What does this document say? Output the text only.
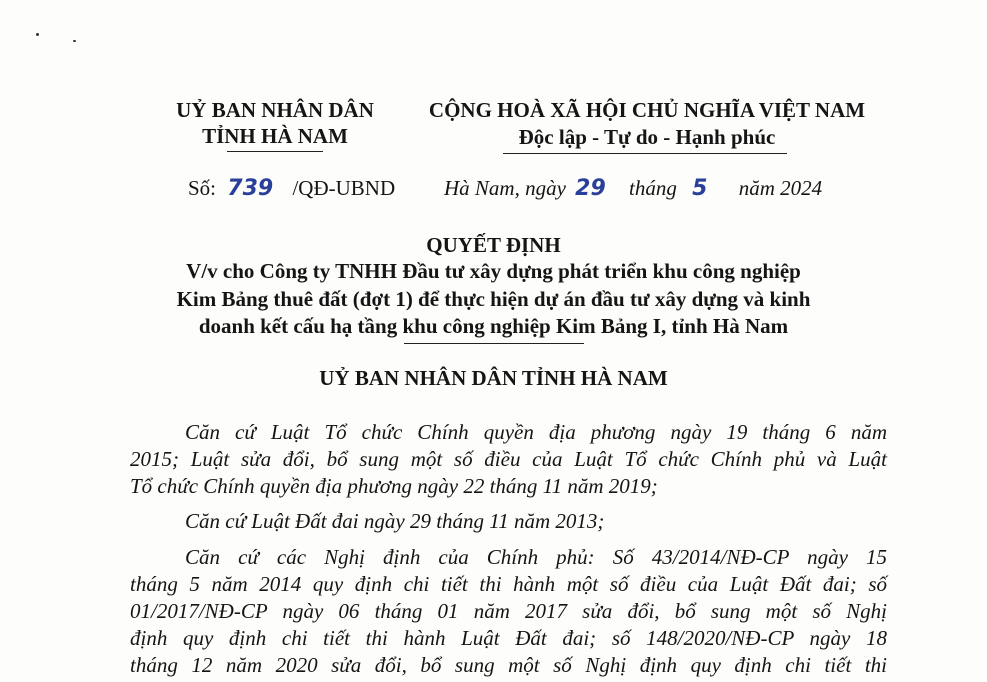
UỶ BAN NHÂN DÂN
TỈNH HÀ NAM
CỘNG HOÀ XÃ HỘI CHỦ NGHĨA VIỆT NAM
Độc lập - Tự do - Hạnh phúc
Số: 739 /QĐ-UBND Hà Nam, ngày 29 tháng 5 năm 2024
QUYẾT ĐỊNH
V/v cho Công ty TNHH Đầu tư xây dựng phát triển khu công nghiệp
Kim Bảng thuê đất (đợt 1) để thực hiện dự án đầu tư xây dựng và kinh
doanh kết cấu hạ tầng khu công nghiệp Kim Bảng I, tỉnh Hà Nam
UỶ BAN NHÂN DÂN TỈNH HÀ NAM
Căn cứ Luật Tổ chức Chính quyền địa phương ngày 19 tháng 6 năm
2015; Luật sửa đổi, bổ sung một số điều của Luật Tổ chức Chính phủ và Luật
Tổ chức Chính quyền địa phương ngày 22 tháng 11 năm 2019;
Căn cứ Luật Đất đai ngày 29 tháng 11 năm 2013;
Căn cứ các Nghị định của Chính phủ: Số 43/2014/NĐ-CP ngày 15
tháng 5 năm 2014 quy định chi tiết thi hành một số điều của Luật Đất đai; số
01/2017/NĐ-CP ngày 06 tháng 01 năm 2017 sửa đổi, bổ sung một số Nghị
định quy định chi tiết thi hành Luật Đất đai; số 148/2020/NĐ-CP ngày 18
tháng 12 năm 2020 sửa đổi, bổ sung một số Nghị định quy định chi tiết thi
